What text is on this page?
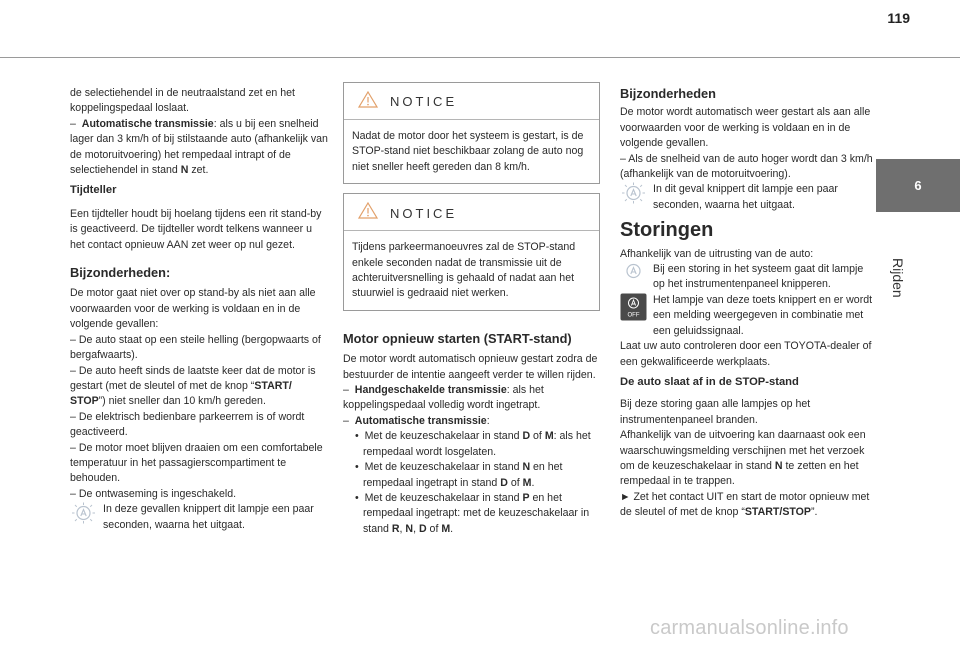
119
6
Rijden

de selectiehendel in de neutraalstand zet en het koppelingspedaal loslaat.

– Automatische transmissie: als u bij een snelheid lager dan 3 km/h of bij stilstaande auto (afhankelijk van de motoruitvoering) het rempedaal intrapt of de selectiehendel in stand N zet.

Tijdteller

Een tijdteller houdt bij hoelang tijdens een rit stand-by is geactiveerd. De tijdteller wordt telkens wanneer u het contact opnieuw AAN zet weer op nul gezet.

Bijzonderheden:

De motor gaat niet over op stand-by als niet aan alle voorwaarden voor de werking is voldaan en in de volgende gevallen:

– De auto staat op een steile helling (bergopwaarts of bergafwaarts).

– De auto heeft sinds de laatste keer dat de motor is gestart (met de sleutel of met de knop “START/ STOP”) niet sneller dan 10 km/h gereden.

– De elektrisch bedienbare parkeerrem is of wordt geactiveerd.

– De motor moet blijven draaien om een comfortabele temperatuur in het passagierscompartiment te behouden.

– De ontwaseming is ingeschakeld.

In deze gevallen knippert dit lampje een paar seconden, waarna het uitgaat.

NOTICE
Nadat de motor door het systeem is gestart, is de STOP-stand niet beschikbaar zolang de auto nog niet sneller heeft gereden dan 8 km/h.
NOTICE
Tijdens parkeermanoeuvres zal de STOP-stand enkele seconden nadat de transmissie uit de achteruitversnelling is gehaald of nadat aan het stuurwiel is gedraaid niet werken.

Motor opnieuw starten (START-stand)

De motor wordt automatisch opnieuw gestart zodra de bestuurder de intentie aangeeft verder te willen rijden.

– Handgeschakelde transmissie: als het koppelingspedaal volledig wordt ingetrapt.

– Automatische transmissie:

• Met de keuzeschakelaar in stand D of M: als het rempedaal wordt losgelaten.

• Met de keuzeschakelaar in stand N en het rempedaal ingetrapt in stand D of M.

• Met de keuzeschakelaar in stand P en het rempedaal ingetrapt: met de keuzeschakelaar in stand R, N, D of M.

Bijzonderheden

De motor wordt automatisch weer gestart als aan alle voorwaarden voor de werking is voldaan en in de volgende gevallen.

– Als de snelheid van de auto hoger wordt dan 3 km/h (afhankelijk van de motoruitvoering).

In dit geval knippert dit lampje een paar seconden, waarna het uitgaat.

Storingen

Afhankelijk van de uitrusting van de auto:

Bij een storing in het systeem gaat dit lampje op het instrumentenpaneel knipperen.

OFF

Het lampje van deze toets knippert en er wordt een melding weergegeven in combinatie met een geluidssignaal.

Laat uw auto controleren door een TOYOTA-dealer of een gekwalificeerde werkplaats.

De auto slaat af in de STOP-stand

Bij deze storing gaan alle lampjes op het instrumentenpaneel branden.

Afhankelijk van de uitvoering kan daarnaast ook een waarschuwingsmelding verschijnen met het verzoek om de keuzeschakelaar in stand N te zetten en het rempedaal in te trappen.

► Zet het contact UIT en start de motor opnieuw met de sleutel of met de knop “START/STOP”.

carmanualsonline.info
